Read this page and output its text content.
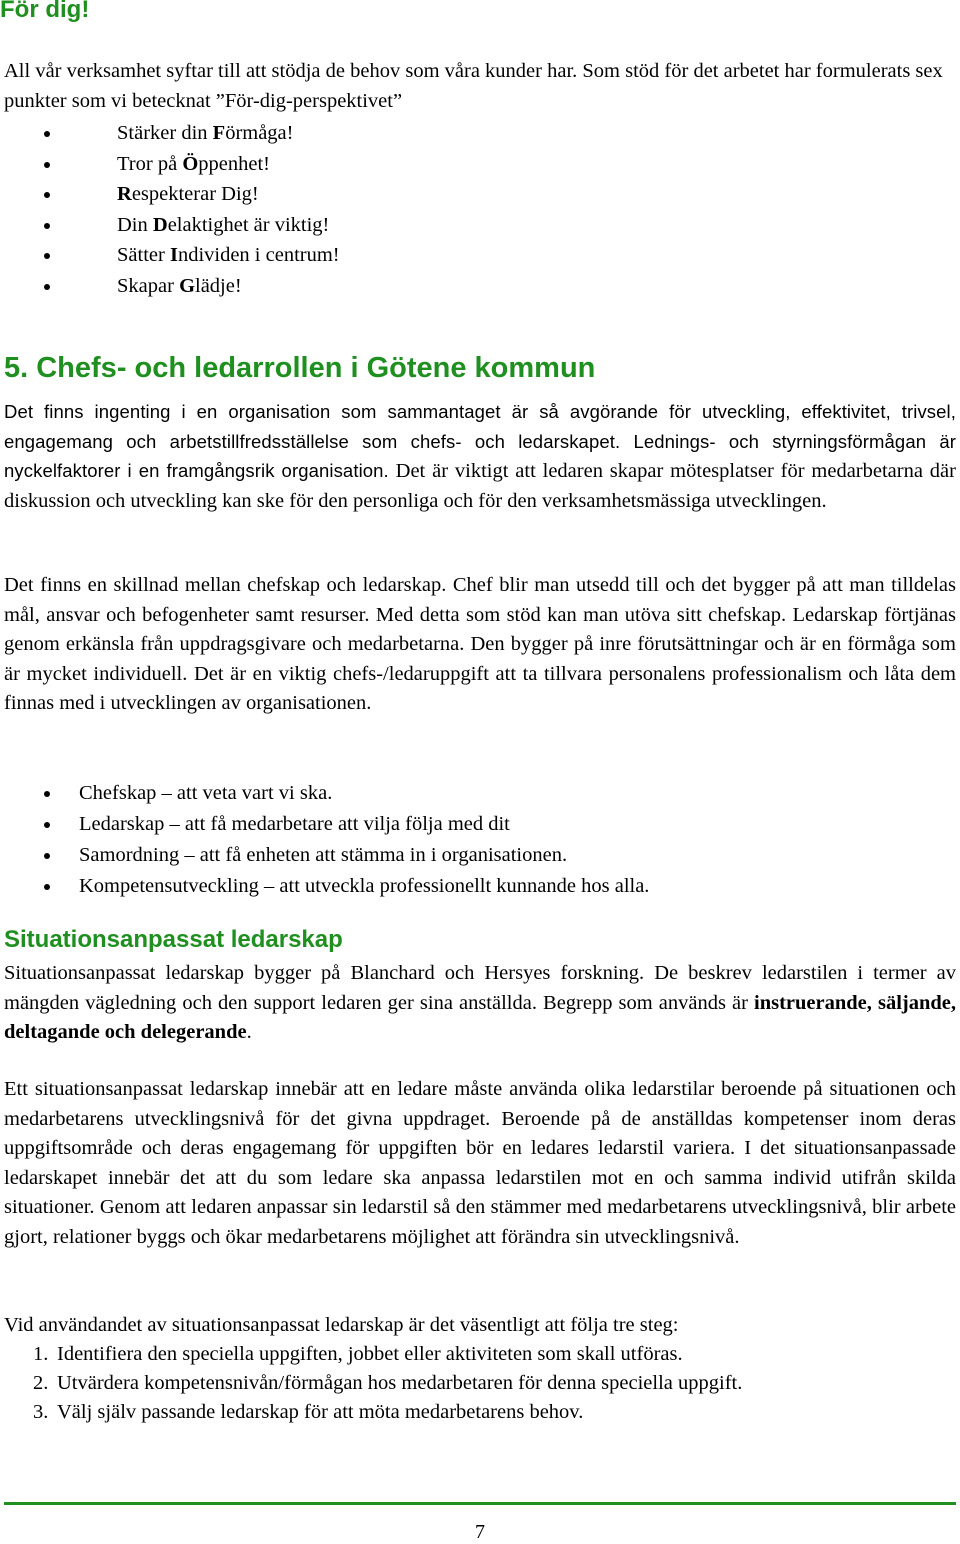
För dig!

All vår verksamhet syftar till att stödja de behov som våra kunder har. Som stöd för det arbetet har formulerats sex punkter som vi betecknat ”För-dig-perspektivet”

Stärker din Förmåga!
Tror på Öppenhet!
Respekterar Dig!
Din Delaktighet är viktig!
Sätter Individen i centrum!
Skapar Glädje!
5. Chefs- och ledarrollen i Götene kommun

Det finns ingenting i en organisation som sammantaget är så avgörande för utveckling, effektivitet, trivsel, engagemang och arbetstillfredsställelse som chefs- och ledarskapet. Lednings- och styrningsförmågan är nyckelfaktorer i en framgångsrik organisation. Det är viktigt att ledaren skapar mötesplatser för medarbetarna där diskussion och utveckling kan ske för den personliga och för den verksamhetsmässiga utvecklingen.

Det finns en skillnad mellan chefskap och ledarskap. Chef blir man utsedd till och det bygger på att man tilldelas mål, ansvar och befogenheter samt resurser. Med detta som stöd kan man utöva sitt chefskap. Ledarskap förtjänas genom erkänsla från uppdragsgivare och medarbetarna. Den bygger på inre förutsättningar och är en förmåga som är mycket individuell. Det är en viktig chefs-/ledaruppgift att ta tillvara personalens professionalism och låta dem finnas med i utvecklingen av organisationen.

Chefskap – att veta vart vi ska.
Ledarskap – att få medarbetare att vilja följa med dit
Samordning – att få enheten att stämma in i organisationen.
Kompetensutveckling – att utveckla professionellt kunnande hos alla.
Situationsanpassat ledarskap

Situationsanpassat ledarskap bygger på Blanchard och Hersyes forskning. De beskrev ledarstilen i termer av mängden vägledning och den support ledaren ger sina anställda. Begrepp som används är instruerande, säljande, deltagande och delegerande.

Ett situationsanpassat ledarskap innebär att en ledare måste använda olika ledarstilar beroende på situationen och medarbetarens utvecklingsnivå för det givna uppdraget. Beroende på de anställdas kompetenser inom deras uppgiftsområde och deras engagemang för uppgiften bör en ledares ledarstil variera. I det situationsanpassade ledarskapet innebär det att du som ledare ska anpassa ledarstilen mot en och samma individ utifrån skilda situationer. Genom att ledaren anpassar sin ledarstil så den stämmer med medarbetarens utvecklingsnivå, blir arbete gjort, relationer byggs och ökar medarbetarens möjlighet att förändra sin utvecklingsnivå.

Vid användandet av situationsanpassat ledarskap är det väsentligt att följa tre steg:

1. Identifiera den speciella uppgiften, jobbet eller aktiviteten som skall utföras.
2. Utvärdera kompetensnivån/förmågan hos medarbetaren för denna speciella uppgift.
3. Välj själv passande ledarskap för att möta medarbetarens behov.
7
